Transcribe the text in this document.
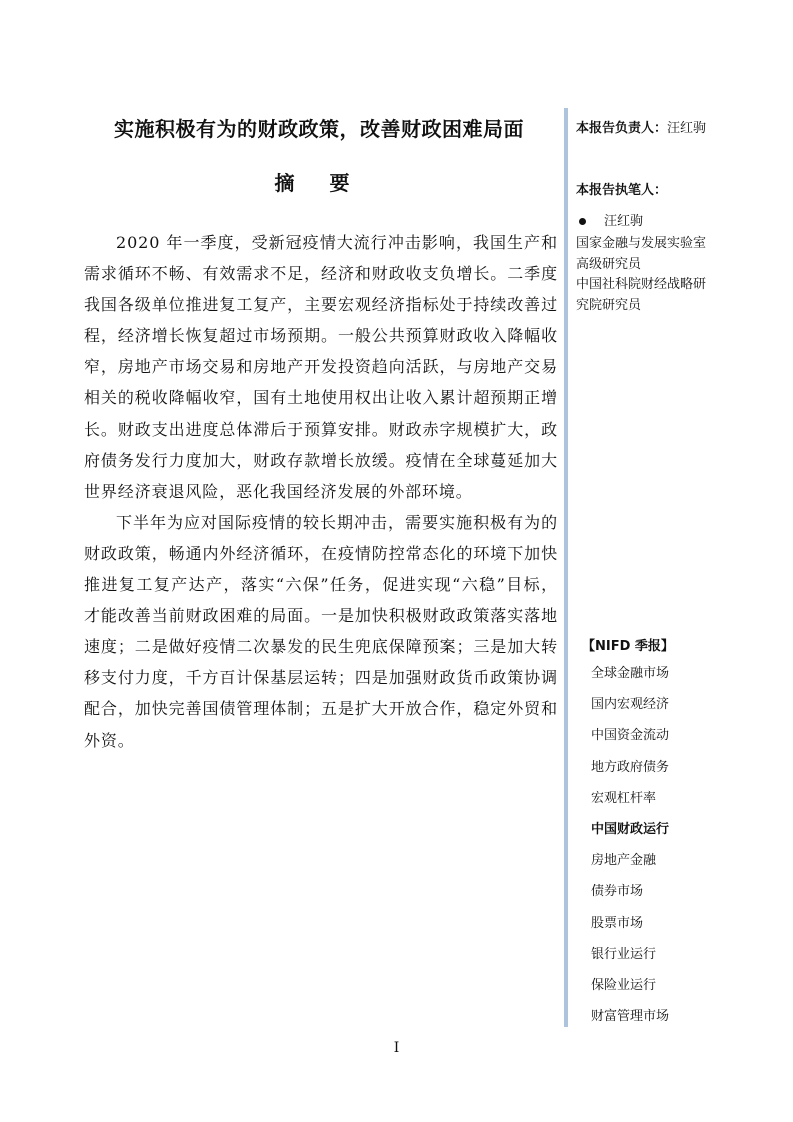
实施积极有为的财政政策，改善财政困难局面
摘 要

2020 年一季度，受新冠疫情大流行冲击影响，我国生产和需求循环不畅、有效需求不足，经济和财政收支负增长。二季度我国各级单位推进复工复产，主要宏观经济指标处于持续改善过程，经济增长恢复超过市场预期。一般公共预算财政收入降幅收窄，房地产市场交易和房地产开发投资趋向活跃，与房地产交易相关的税收降幅收窄，国有土地使用权出让收入累计超预期正增长。财政支出进度总体滞后于预算安排。财政赤字规模扩大，政府债务发行力度加大，财政存款增长放缓。疫情在全球蔓延加大世界经济衰退风险，恶化我国经济发展的外部环境。

下半年为应对国际疫情的较长期冲击，需要实施积极有为的财政政策，畅通内外经济循环，在疫情防控常态化的环境下加快推进复工复产达产，落实“六保”任务，促进实现“六稳”目标，才能改善当前财政困难的局面。一是加快积极财政政策落实落地速度；二是做好疫情二次暴发的民生兜底保障预案；三是加大转移支付力度，千方百计保基层运转；四是加强财政货币政策协调配合，加快完善国债管理体制；五是扩大开放合作，稳定外贸和外资。

本报告负责人：汪红驹
本报告执笔人：
汪红驹
国家金融与发展实验室
高级研究员
中国社科院财经战略研
究院研究员
【NIFD 季报】
全球金融市场
国内宏观经济
中国资金流动
地方政府债务
宏观杠杆率
中国财政运行
房地产金融
债券市场
股票市场
银行业运行
保险业运行
财富管理市场
I
